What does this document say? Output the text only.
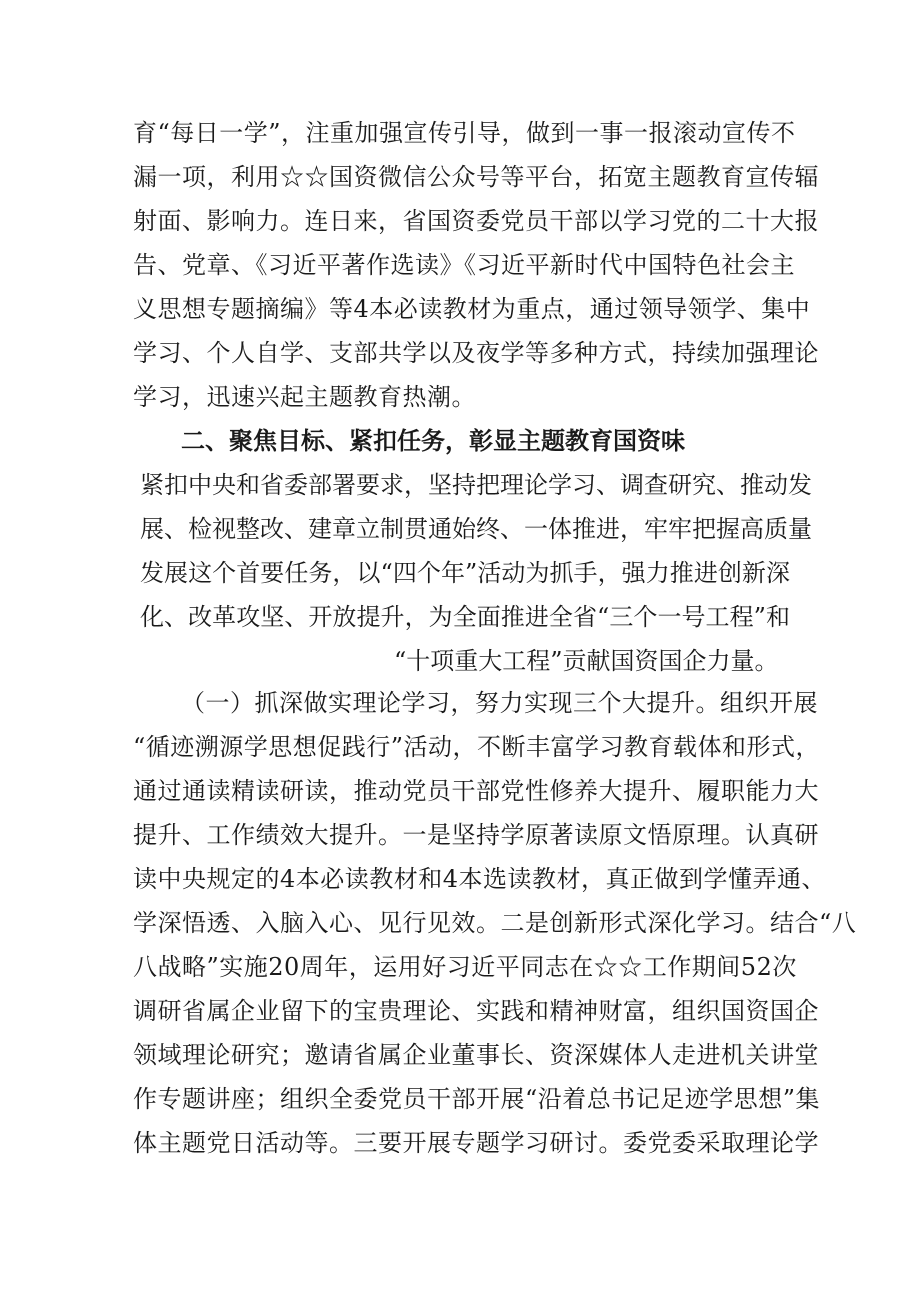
育“每日一学”，注重加强宣传引导，做到一事一报滚动宣传不
漏一项，利用☆☆国资微信公众号等平台，拓宽主题教育宣传辐
射面、影响力。连日来，省国资委党员干部以学习党的二十大报
告、党章、《习近平著作选读》《习近平新时代中国特色社会主
义思想专题摘编》等4本必读教材为重点，通过领导领学、集中
学习、个人自学、支部共学以及夜学等多种方式，持续加强理论
学习，迅速兴起主题教育热潮。
二、聚焦目标、紧扣任务，彰显主题教育国资味
紧扣中央和省委部署要求，坚持把理论学习、调查研究、推动发
展、检视整改、建章立制贯通始终、一体推进，牢牢把握高质量
发展这个首要任务，以“四个年”活动为抓手，强力推进创新深
化、改革攻坚、开放提升，为全面推进全省“三个一号工程”和
“十项重大工程”贡献国资国企力量。
（一）抓深做实理论学习，努力实现三个大提升。组织开展
“循迹溯源学思想促践行”活动，不断丰富学习教育载体和形式，
通过通读精读研读，推动党员干部党性修养大提升、履职能力大
提升、工作绩效大提升。一是坚持学原著读原文悟原理。认真研
读中央规定的4本必读教材和4本选读教材，真正做到学懂弄通、
学深悟透、入脑入心、见行见效。二是创新形式深化学习。结合“八
八战略”实施20周年，运用好习近平同志在☆☆工作期间52次
调研省属企业留下的宝贵理论、实践和精神财富，组织国资国企
领域理论研究；邀请省属企业董事长、资深媒体人走进机关讲堂
作专题讲座；组织全委党员干部开展“沿着总书记足迹学思想”集
体主题党日活动等。三要开展专题学习研讨。委党委采取理论学
